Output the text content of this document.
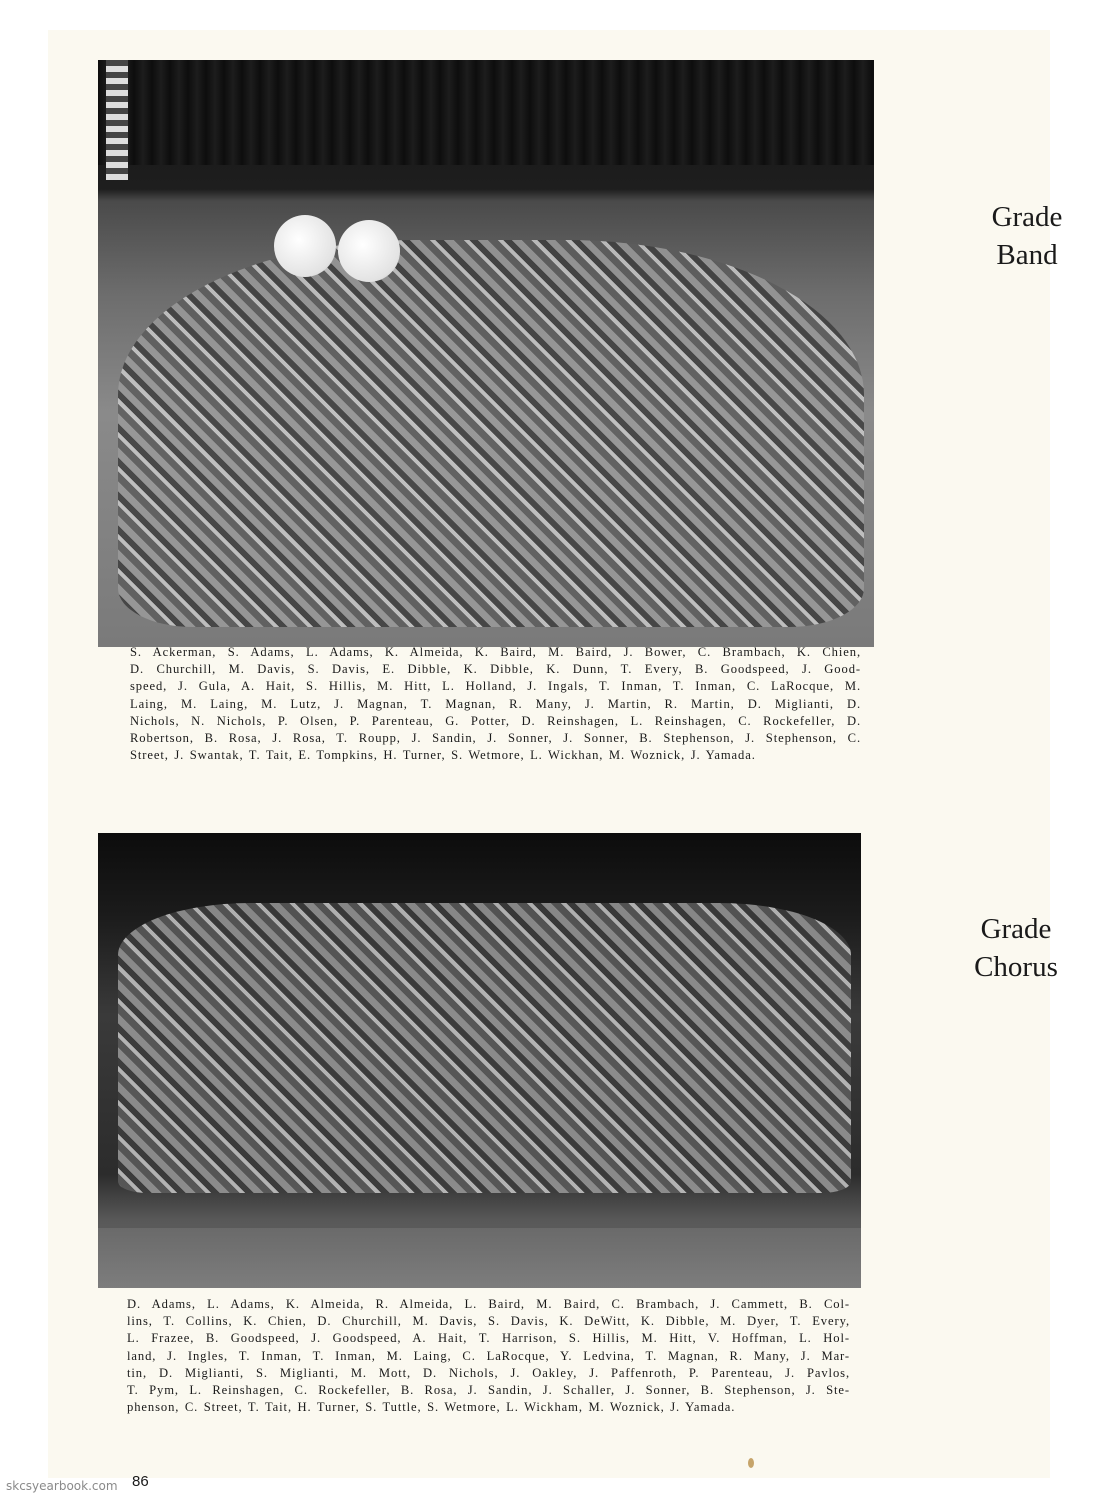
S. Ackerman, S. Adams, L. Adams, K. Almeida, K. Baird, M. Baird, J. Bower, C. Brambach, K. Chien,
D. Churchill, M. Davis, S. Davis, E. Dibble, K. Dibble, K. Dunn, T. Every, B. Goodspeed, J. Good-
speed, J. Gula, A. Hait, S. Hillis, M. Hitt, L. Holland, J. Ingals, T. Inman, T. Inman, C. LaRocque, M.
Laing, M. Laing, M. Lutz, J. Magnan, T. Magnan, R. Many, J. Martin, R. Martin, D. Miglianti, D.
Nichols, N. Nichols, P. Olsen, P. Parenteau, G. Potter, D. Reinshagen, L. Reinshagen, C. Rockefeller, D.
Robertson, B. Rosa, J. Rosa, T. Roupp, J. Sandin, J. Sonner, J. Sonner, B. Stephenson, J. Stephenson, C.
Street, J. Swantak, T. Tait, E. Tompkins, H. Turner, S. Wetmore, L. Wickhan, M. Woznick, J. Yamada.
Grade
Band
Grade
Chorus
D. Adams, L. Adams, K. Almeida, R. Almeida, L. Baird, M. Baird, C. Brambach, J. Cammett, B. Col-
lins, T. Collins, K. Chien, D. Churchill, M. Davis, S. Davis, K. DeWitt, K. Dibble, M. Dyer, T. Every,
L. Frazee, B. Goodspeed, J. Goodspeed, A. Hait, T. Harrison, S. Hillis, M. Hitt, V. Hoffman, L. Hol-
land, J. Ingles, T. Inman, T. Inman, M. Laing, C. LaRocque, Y. Ledvina, T. Magnan, R. Many, J. Mar-
tin, D. Miglianti, S. Miglianti, M. Mott, D. Nichols, J. Oakley, J. Paffenroth, P. Parenteau, J. Pavlos,
T. Pym, L. Reinshagen, C. Rockefeller, B. Rosa, J. Sandin, J. Schaller, J. Sonner, B. Stephenson, J. Ste-
phenson, C. Street, T. Tait, H. Turner, S. Tuttle, S. Wetmore, L. Wickham, M. Woznick, J. Yamada.

86

skcsyearbook.com
